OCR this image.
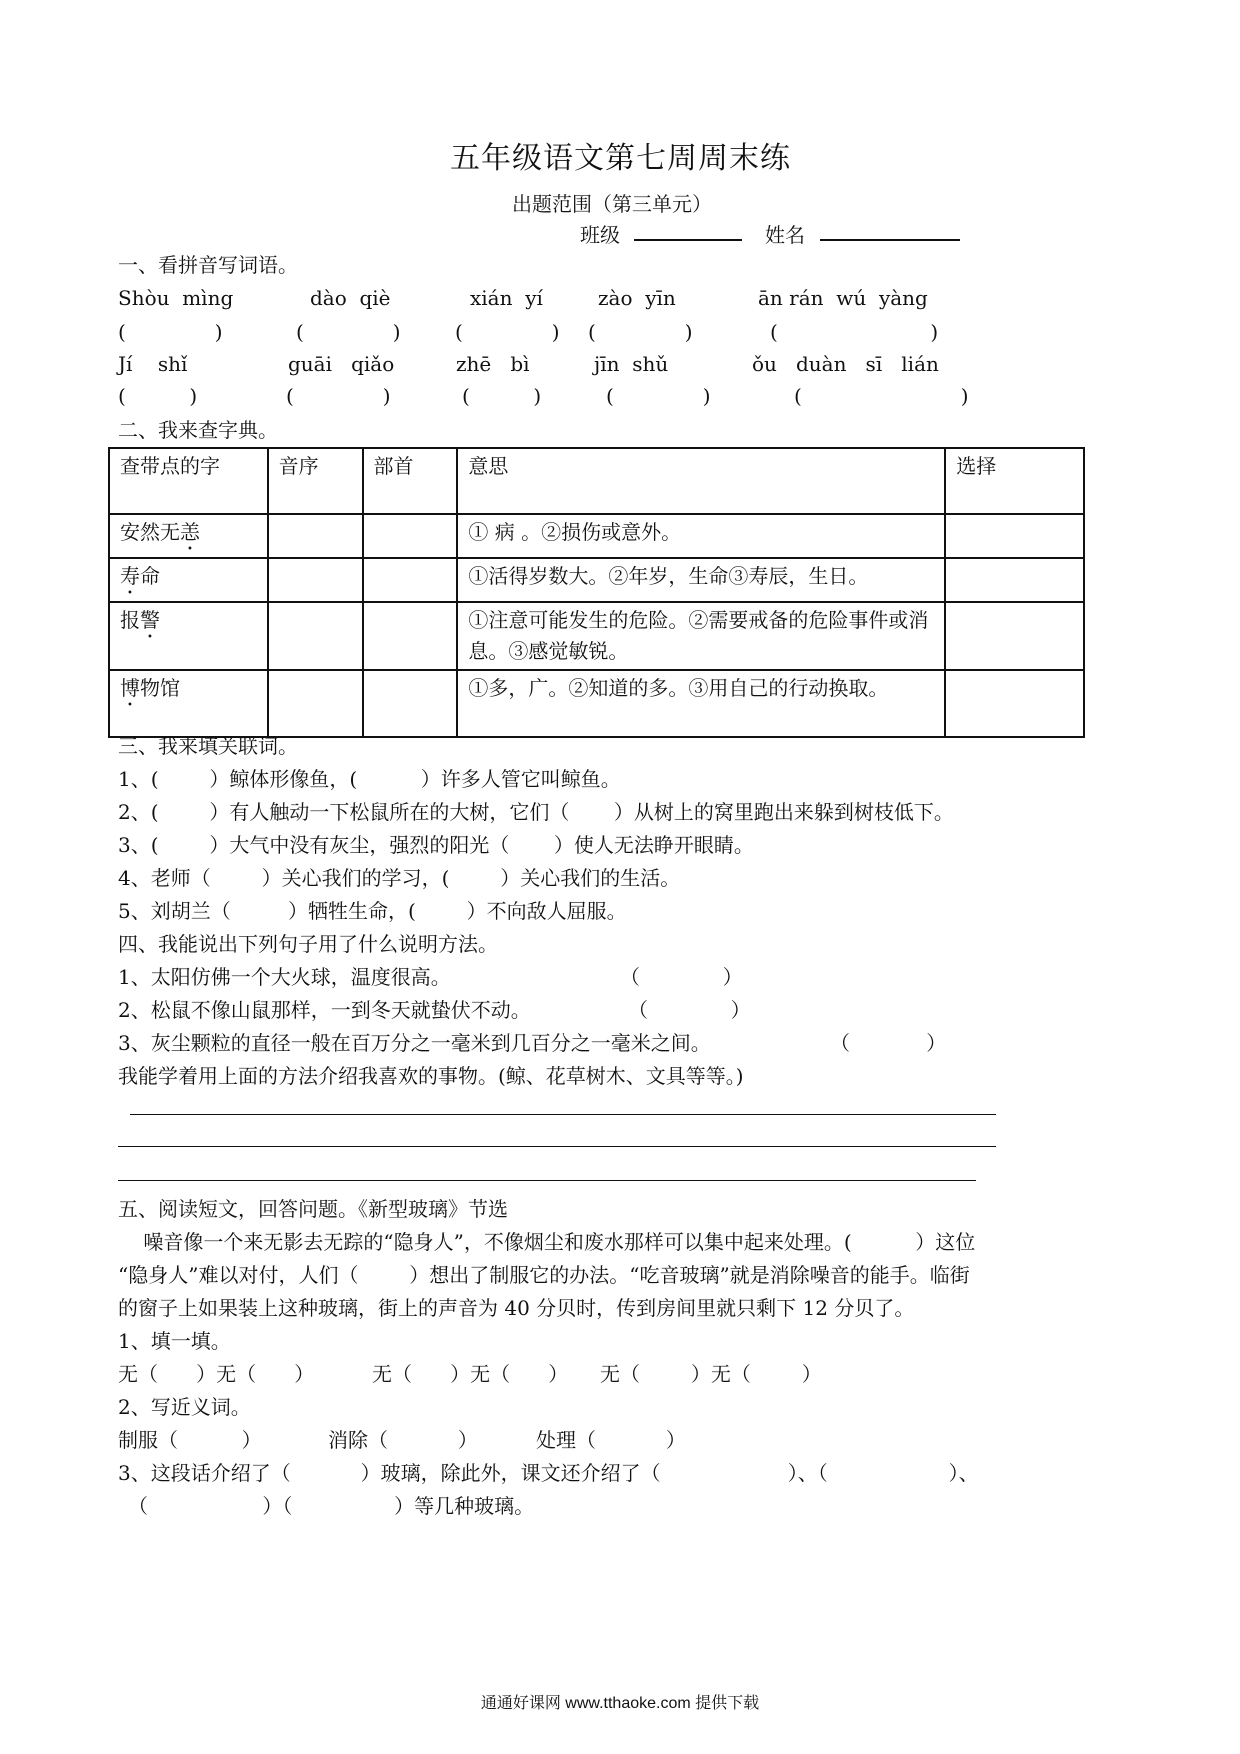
五年级语文第七周周末练
出题范围（第三单元）
班级	姓名
一、看拼音写词语。
Shòu  mìng	dào  qiè	xián  yí	zào  yīn	ān rán  wú  yàng
(              )	(              )	(              ) (              )	(                        )
Jí    shǐ	guāi   qiǎo	zhē   bì	jīn  shǔ	ǒu   duàn   sī   lián
(          )	(              )	(          )	(              )	(                         )
二、我来查字典。
查带点的字	音序	部首	意思	选择
安然无恙			① 病 。②损伤或意外。	
寿命			①活得岁数大。②年岁，生命③寿辰，生日。	
报警			①注意可能发生的危险。②需要戒备的危险事件或消息。③感觉敏锐。	
博物馆			①多，广。②知道的多。③用自己的行动换取。	
三、我来填关联词。
1、(        ）鲸体形像鱼，(          ）许多人管它叫鲸鱼。
2、(        ）有人触动一下松鼠所在的大树，它们（       ）从树上的窝里跑出来躲到树枝低下。
3、(        ）大气中没有灰尘，强烈的阳光（       ）使人无法睁开眼睛。
4、老师（        ）关心我们的学习，(        ）关心我们的生活。
5、刘胡兰（         ）牺牲生命，(        ）不向敌人屈服。
四、我能说出下列句子用了什么说明方法。
1、太阳仿佛一个大火球，温度很高。	（             ）
2、松鼠不像山鼠那样，一到冬天就蛰伏不动。	（             ）
3、灰尘颗粒的直径一般在百万分之一毫米到几百分之一毫米之间。	（            ）
我能学着用上面的方法介绍我喜欢的事物。(鲸、花草树木、文具等等。)
五、阅读短文，回答问题。《新型玻璃》节选
噪音像一个来无影去无踪的“隐身人”，不像烟尘和废水那样可以集中起来处理。(          ）这位
“隐身人”难以对付，人们（        ）想出了制服它的办法。“吃音玻璃”就是消除噪音的能手。临街
的窗子上如果装上这种玻璃，街上的声音为 40 分贝时，传到房间里就只剩下 12 分贝了。
1、填一填。
无（      ）无（      ）	无（      ）无（      ） 无（        ）无（        ）
2、写近义词。
制服（          ）	消除（           ）	处理（           ）
3、这段话介绍了（           ）玻璃，除此外，课文还介绍了（                    ）、（                   ）、
（                  ）（                ）等几种玻璃。
通通好课网 www.tthaoke.com 提供下载
